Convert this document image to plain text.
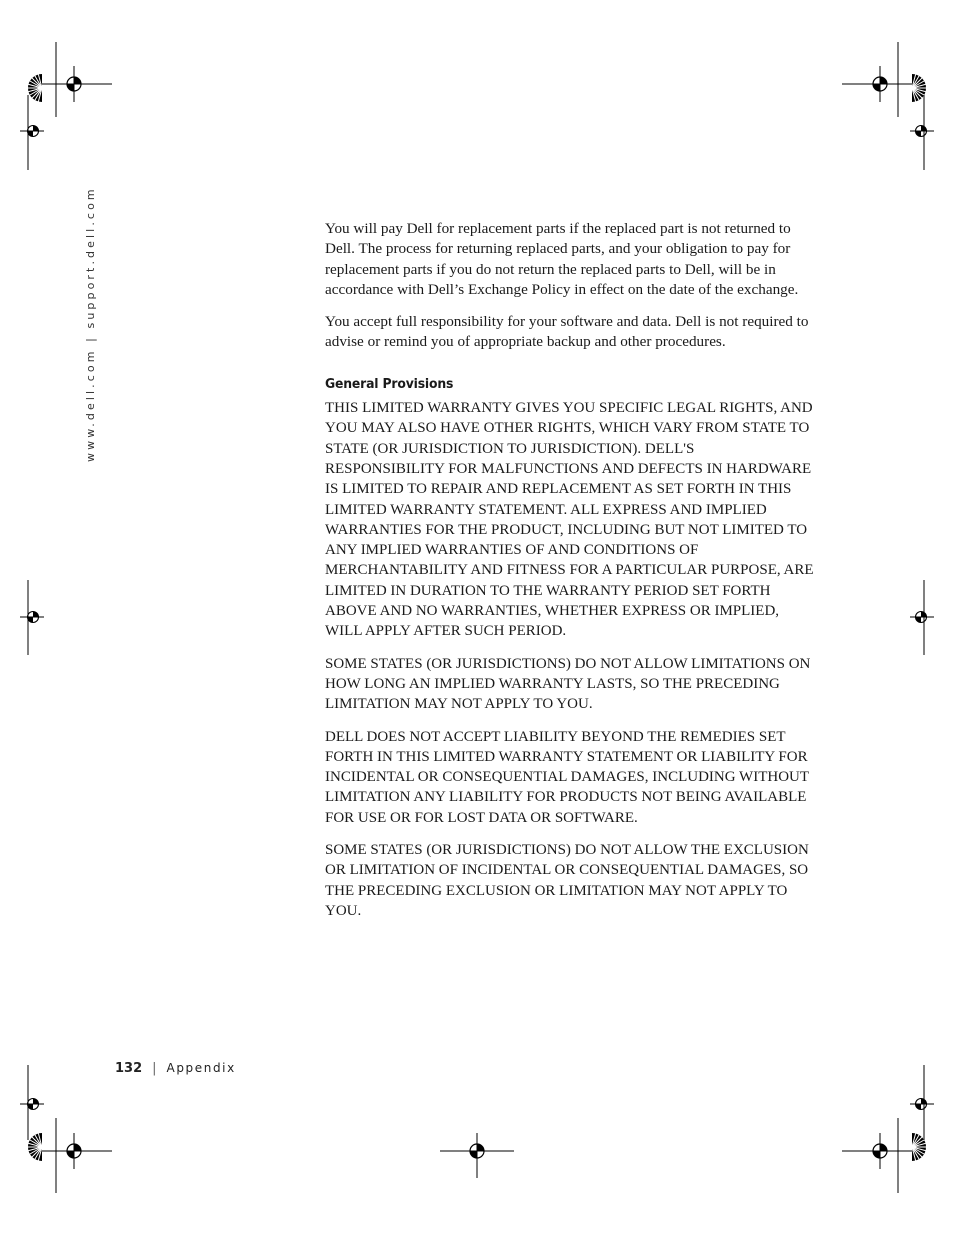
www.dell.com | support.dell.com	You will pay Dell for replacement parts if the replaced part is not returned to Dell. The process for returning replaced parts, and your obligation to pay for replacement parts if you do not return the replaced parts to Dell, will be in accordance with Dell’s Exchange Policy in effect on the date of the exchange.

You accept full responsibility for your software and data. Dell is not required to advise or remind you of appropriate backup and other procedures.

General Provisions

THIS LIMITED WARRANTY GIVES YOU SPECIFIC LEGAL RIGHTS, AND YOU MAY ALSO HAVE OTHER RIGHTS, WHICH VARY FROM STATE TO STATE (OR JURISDICTION TO JURISDICTION). DELL'S RESPONSIBILITY FOR MALFUNCTIONS AND DEFECTS IN HARDWARE IS LIMITED TO REPAIR AND REPLACEMENT AS SET FORTH IN THIS LIMITED WARRANTY STATEMENT. ALL EXPRESS AND IMPLIED WARRANTIES FOR THE PRODUCT, INCLUDING BUT NOT LIMITED TO ANY IMPLIED WARRANTIES OF AND CONDITIONS OF MERCHANTABILITY AND FITNESS FOR A PARTICULAR PURPOSE, ARE LIMITED IN DURATION TO THE WARRANTY PERIOD SET FORTH ABOVE AND NO WARRANTIES, WHETHER EXPRESS OR IMPLIED, WILL APPLY AFTER SUCH PERIOD.

SOME STATES (OR JURISDICTIONS) DO NOT ALLOW LIMITATIONS ON HOW LONG AN IMPLIED WARRANTY LASTS, SO THE PRECEDING LIMITATION MAY NOT APPLY TO YOU.

DELL DOES NOT ACCEPT LIABILITY BEYOND THE REMEDIES SET FORTH IN THIS LIMITED WARRANTY STATEMENT OR LIABILITY FOR INCIDENTAL OR CONSEQUENTIAL DAMAGES, INCLUDING WITHOUT LIMITATION ANY LIABILITY FOR PRODUCTS NOT BEING AVAILABLE FOR USE OR FOR LOST DATA OR SOFTWARE.

SOME STATES (OR JURISDICTIONS) DO NOT ALLOW THE EXCLUSION OR LIMITATION OF INCIDENTAL OR CONSEQUENTIAL DAMAGES, SO THE PRECEDING EXCLUSION OR LIMITATION MAY NOT APPLY TO YOU.

132 | Appendix
